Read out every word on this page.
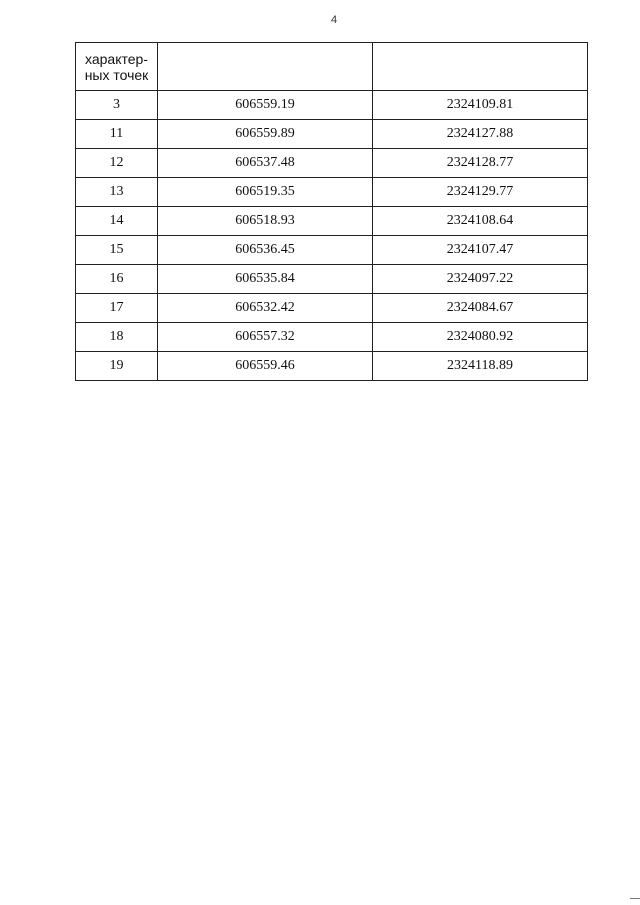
4
характер-
ных точек		

3	606559.19	2324109.81
11	606559.89	2324127.88
12	606537.48	2324128.77
13	606519.35	2324129.77
14	606518.93	2324108.64
15	606536.45	2324107.47
16	606535.84	2324097.22
17	606532.42	2324084.67
18	606557.32	2324080.92
19	606559.46	2324118.89
